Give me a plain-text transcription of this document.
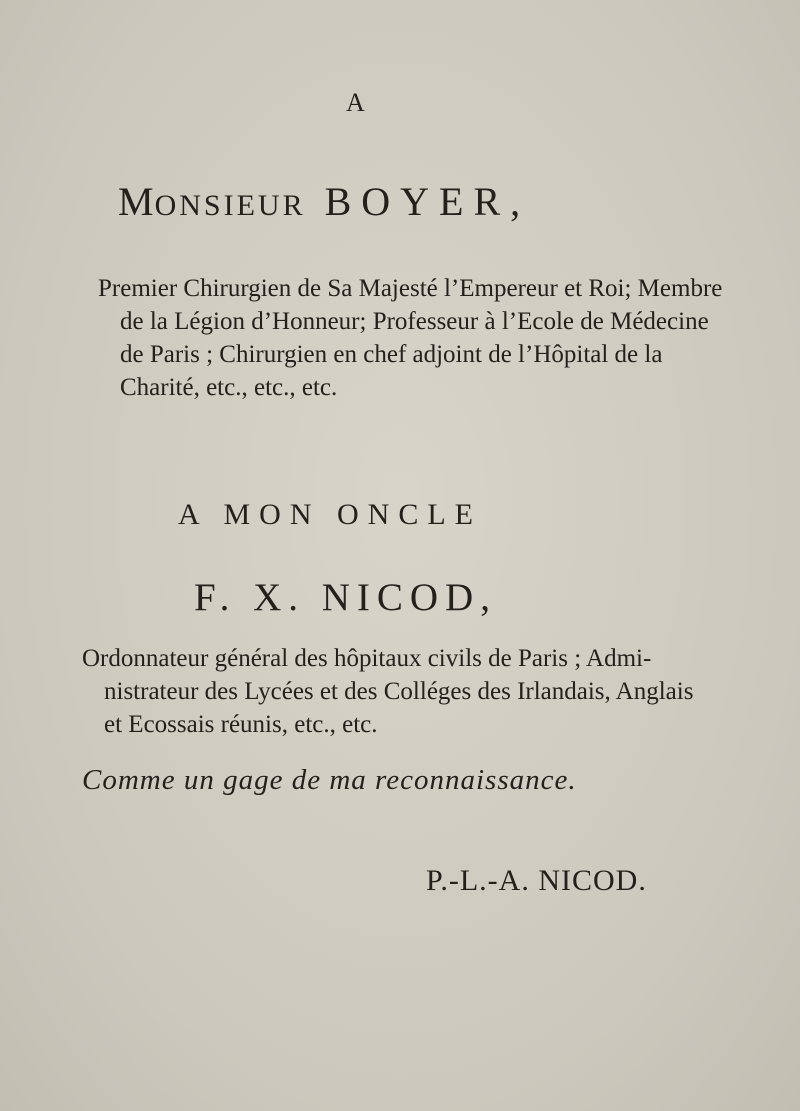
A
MONSIEUR BOYER,
Premier Chirurgien de Sa Majesté l’Empereur et Roi; Membre
de la Légion d’Honneur; Professeur à l’Ecole de Médecine
de Paris ; Chirurgien en chef adjoint de l’Hôpital de la
Charité, etc., etc., etc.
A MON ONCLE
F. X. NICOD,
Ordonnateur général des hôpitaux civils de Paris ; Admi-
nistrateur des Lycées et des Colléges des Irlandais, Anglais
et Ecossais réunis, etc., etc.
Comme un gage de ma reconnaissance.
P.-L.-A. NICOD.
